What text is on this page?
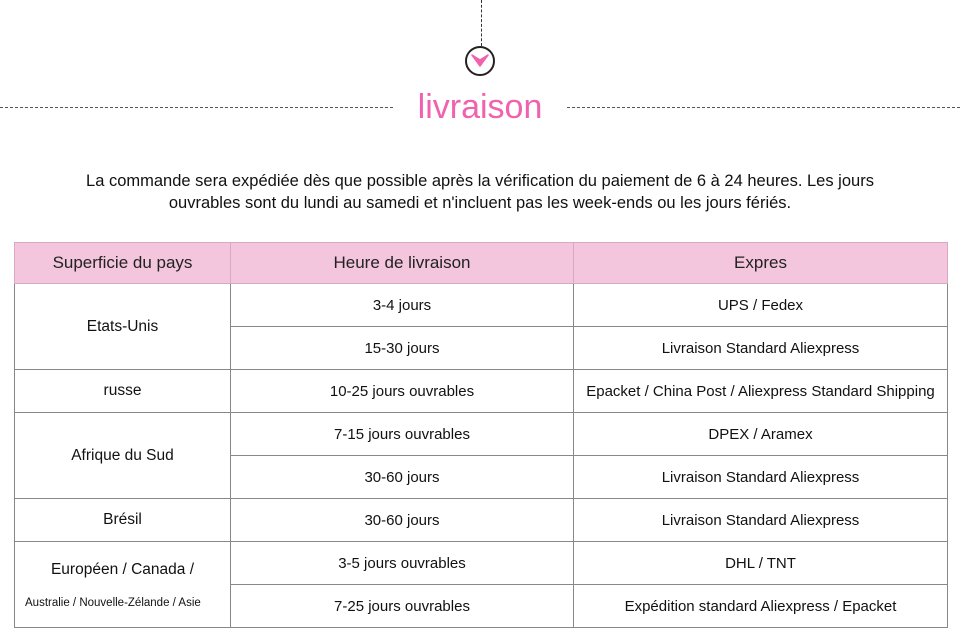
livraison
La commande sera expédiée dès que possible après la vérification du paiement de 6 à 24 heures. Les jours
ouvrables sont du lundi au samedi et n'incluent pas les week-ends ou les jours fériés.
Superficie du pays	Heure de livraison	Expres
Etats-Unis	3-4 jours	UPS / Fedex
	15-30 jours	Livraison Standard Aliexpress
russe	10-25 jours ouvrables	Epacket / China Post / Aliexpress Standard Shipping
Afrique du Sud	7-15 jours ouvrables	DPEX / Aramex
	30-60 jours	Livraison Standard Aliexpress
Brésil	30-60 jours	Livraison Standard Aliexpress

Européen / Canada /
Australie / Nouvelle-Zélande / Asie	3-5 jours ouvrables	DHL / TNT
	7-25 jours ouvrables	Expédition standard Aliexpress / Epacket
